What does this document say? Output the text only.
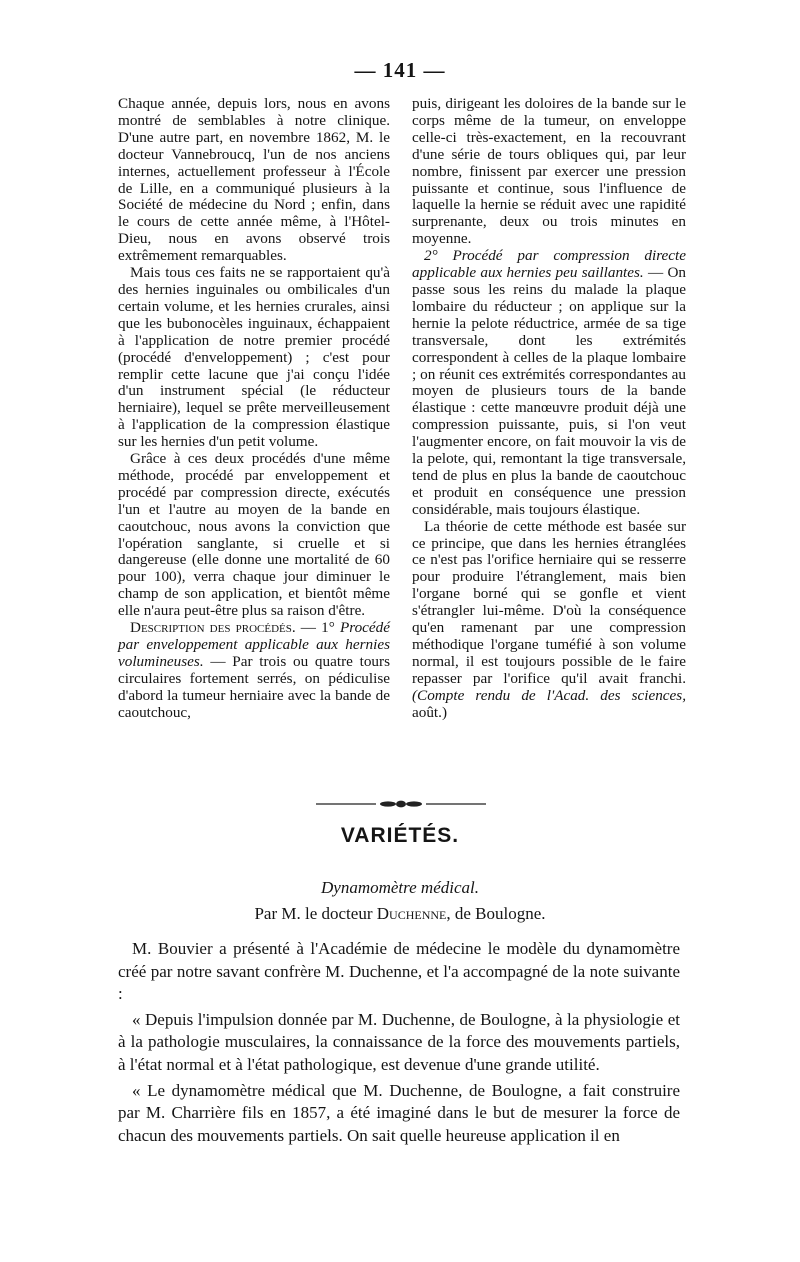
— 141 —

Chaque année, depuis lors, nous en avons montré de semblables à notre clinique. D'une autre part, en novembre 1862, M. le docteur Vannebroucq, l'un de nos anciens internes, actuellement professeur à l'École de Lille, en a communiqué plusieurs à la Société de médecine du Nord ; enfin, dans le cours de cette année même, à l'Hôtel-Dieu, nous en avons observé trois extrêmement remarquables.

Mais tous ces faits ne se rapportaient qu'à des hernies inguinales ou ombilicales d'un certain volume, et les hernies crurales, ainsi que les bubonocèles inguinaux, échappaient à l'application de notre premier procédé (procédé d'enveloppement) ; c'est pour remplir cette lacune que j'ai conçu l'idée d'un instrument spécial (le réducteur herniaire), lequel se prête merveilleusement à l'application de la compression élastique sur les hernies d'un petit volume.

Grâce à ces deux procédés d'une même méthode, procédé par enveloppement et procédé par compression directe, exécutés l'un et l'autre au moyen de la bande en caoutchouc, nous avons la conviction que l'opération sanglante, si cruelle et si dangereuse (elle donne une mortalité de 60 pour 100), verra chaque jour diminuer le champ de son application, et bientôt même elle n'aura peut-être plus sa raison d'être.

Description des procédés. — 1° Procédé par enveloppement applicable aux hernies volumineuses. — Par trois ou quatre tours circulaires fortement serrés, on pédiculise d'abord la tumeur herniaire avec la bande de caoutchouc,

puis, dirigeant les doloires de la bande sur le corps même de la tumeur, on enveloppe celle-ci très-exactement, en la recouvrant d'une série de tours obliques qui, par leur nombre, finissent par exercer une pression puissante et continue, sous l'influence de laquelle la hernie se réduit avec une rapidité surprenante, deux ou trois minutes en moyenne.

2° Procédé par compression directe applicable aux hernies peu saillantes. — On passe sous les reins du malade la plaque lombaire du réducteur ; on applique sur la hernie la pelote réductrice, armée de sa tige transversale, dont les extrémités correspondent à celles de la plaque lombaire ; on réunit ces extrémités correspondantes au moyen de plusieurs tours de la bande élastique : cette manœuvre produit déjà une compression puissante, puis, si l'on veut l'augmenter encore, on fait mouvoir la vis de la pelote, qui, remontant la tige transversale, tend de plus en plus la bande de caoutchouc et produit en conséquence une pression considérable, mais toujours élastique.

La théorie de cette méthode est basée sur ce principe, que dans les hernies étranglées ce n'est pas l'orifice herniaire qui se resserre pour produire l'étranglement, mais bien l'organe borné qui se gonfle et vient s'étrangler lui-même. D'où la conséquence qu'en ramenant par une compression méthodique l'organe tuméfié à son volume normal, il est toujours possible de le faire repasser par l'orifice qu'il avait franchi. (Compte rendu de l'Acad. des sciences, août.)

VARIÉTÉS.
Dynamomètre médical.
Par M. le docteur Duchenne, de Boulogne.

M. Bouvier a présenté à l'Académie de médecine le modèle du dynamomètre créé par notre savant confrère M. Duchenne, et l'a accompagné de la note suivante :

« Depuis l'impulsion donnée par M. Duchenne, de Boulogne, à la physiologie et à la pathologie musculaires, la connaissance de la force des mouvements partiels, à l'état normal et à l'état pathologique, est devenue d'une grande utilité.

« Le dynamomètre médical que M. Duchenne, de Boulogne, a fait construire par M. Charrière fils en 1857, a été imaginé dans le but de mesurer la force de chacun des mouvements partiels. On sait quelle heureuse application il en
